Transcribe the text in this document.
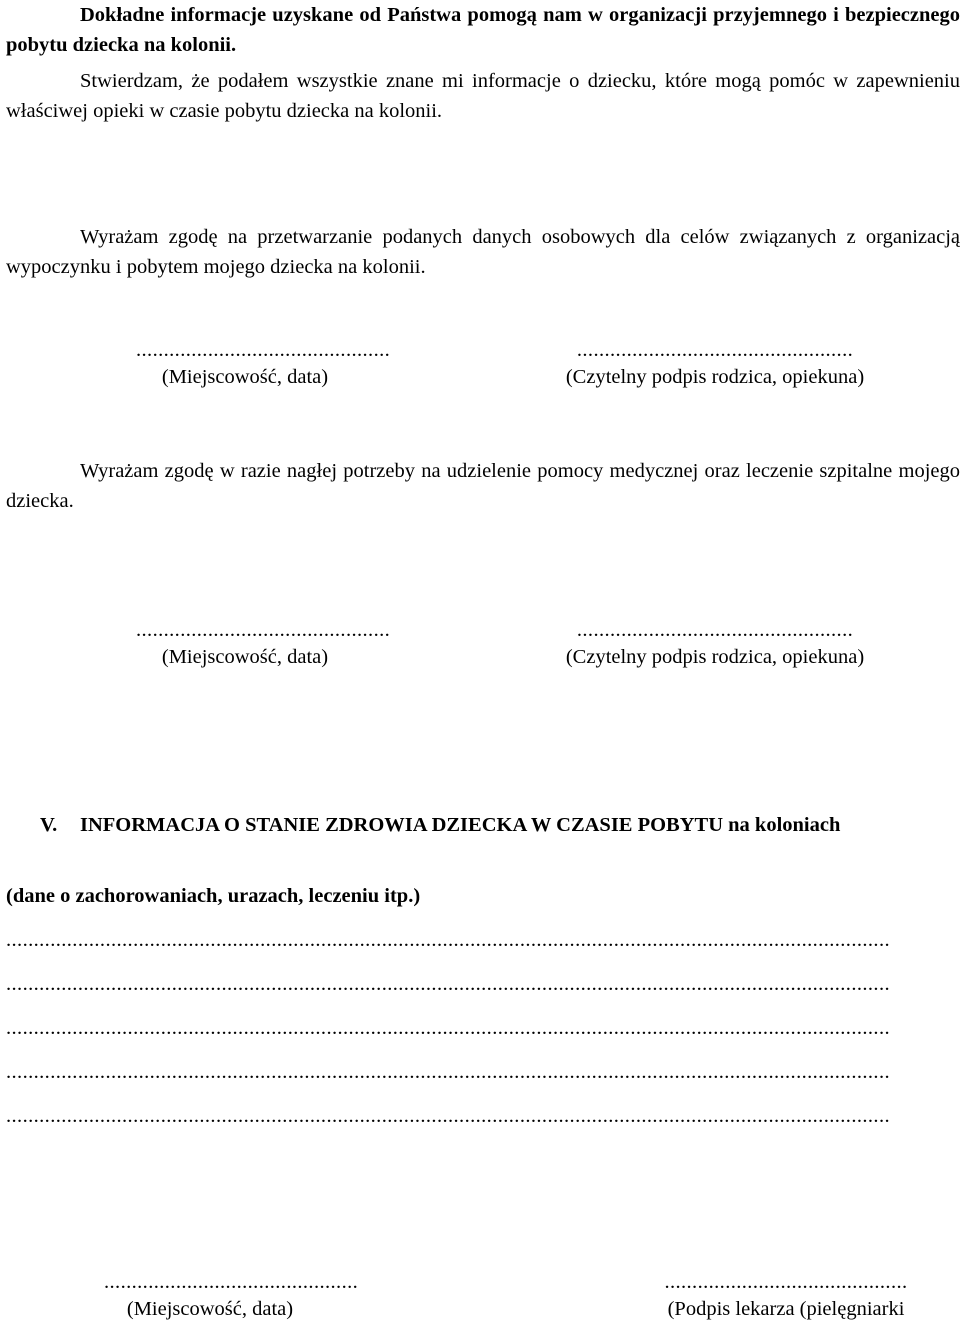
Dokładne informacje uzyskane od Państwa pomogą nam w organizacji przyjemnego i bezpiecznego pobytu dziecka na kolonii.

Stwierdzam, że podałem wszystkie znane mi informacje o dziecku, które mogą pomóc w zapewnieniu właściwej opieki w czasie pobytu dziecka na kolonii.

Wyrażam zgodę na przetwarzanie podanych danych osobowych dla celów związanych z organizacją wypoczynku i pobytem mojego dziecka na kolonii.

..............................................
(Miejscowość, data)
..................................................
(Czytelny podpis rodzica, opiekuna)

Wyrażam zgodę w razie nagłej potrzeby na udzielenie pomocy medycznej oraz leczenie szpitalne mojego dziecka.

..............................................
(Miejscowość, data)
..................................................
(Czytelny podpis rodzica, opiekuna)

V. INFORMACJA O STANIE ZDROWIA DZIECKA W CZASIE POBYTU na koloniach

(dane o zachorowaniach, urazach, leczeniu itp.)

................................................................................................................................................................
................................................................................................................................................................
................................................................................................................................................................
................................................................................................................................................................
................................................................................................................................................................
..............................................
(Miejscowość, data)
............................................
(Podpis lekarza (pielęgniarki
